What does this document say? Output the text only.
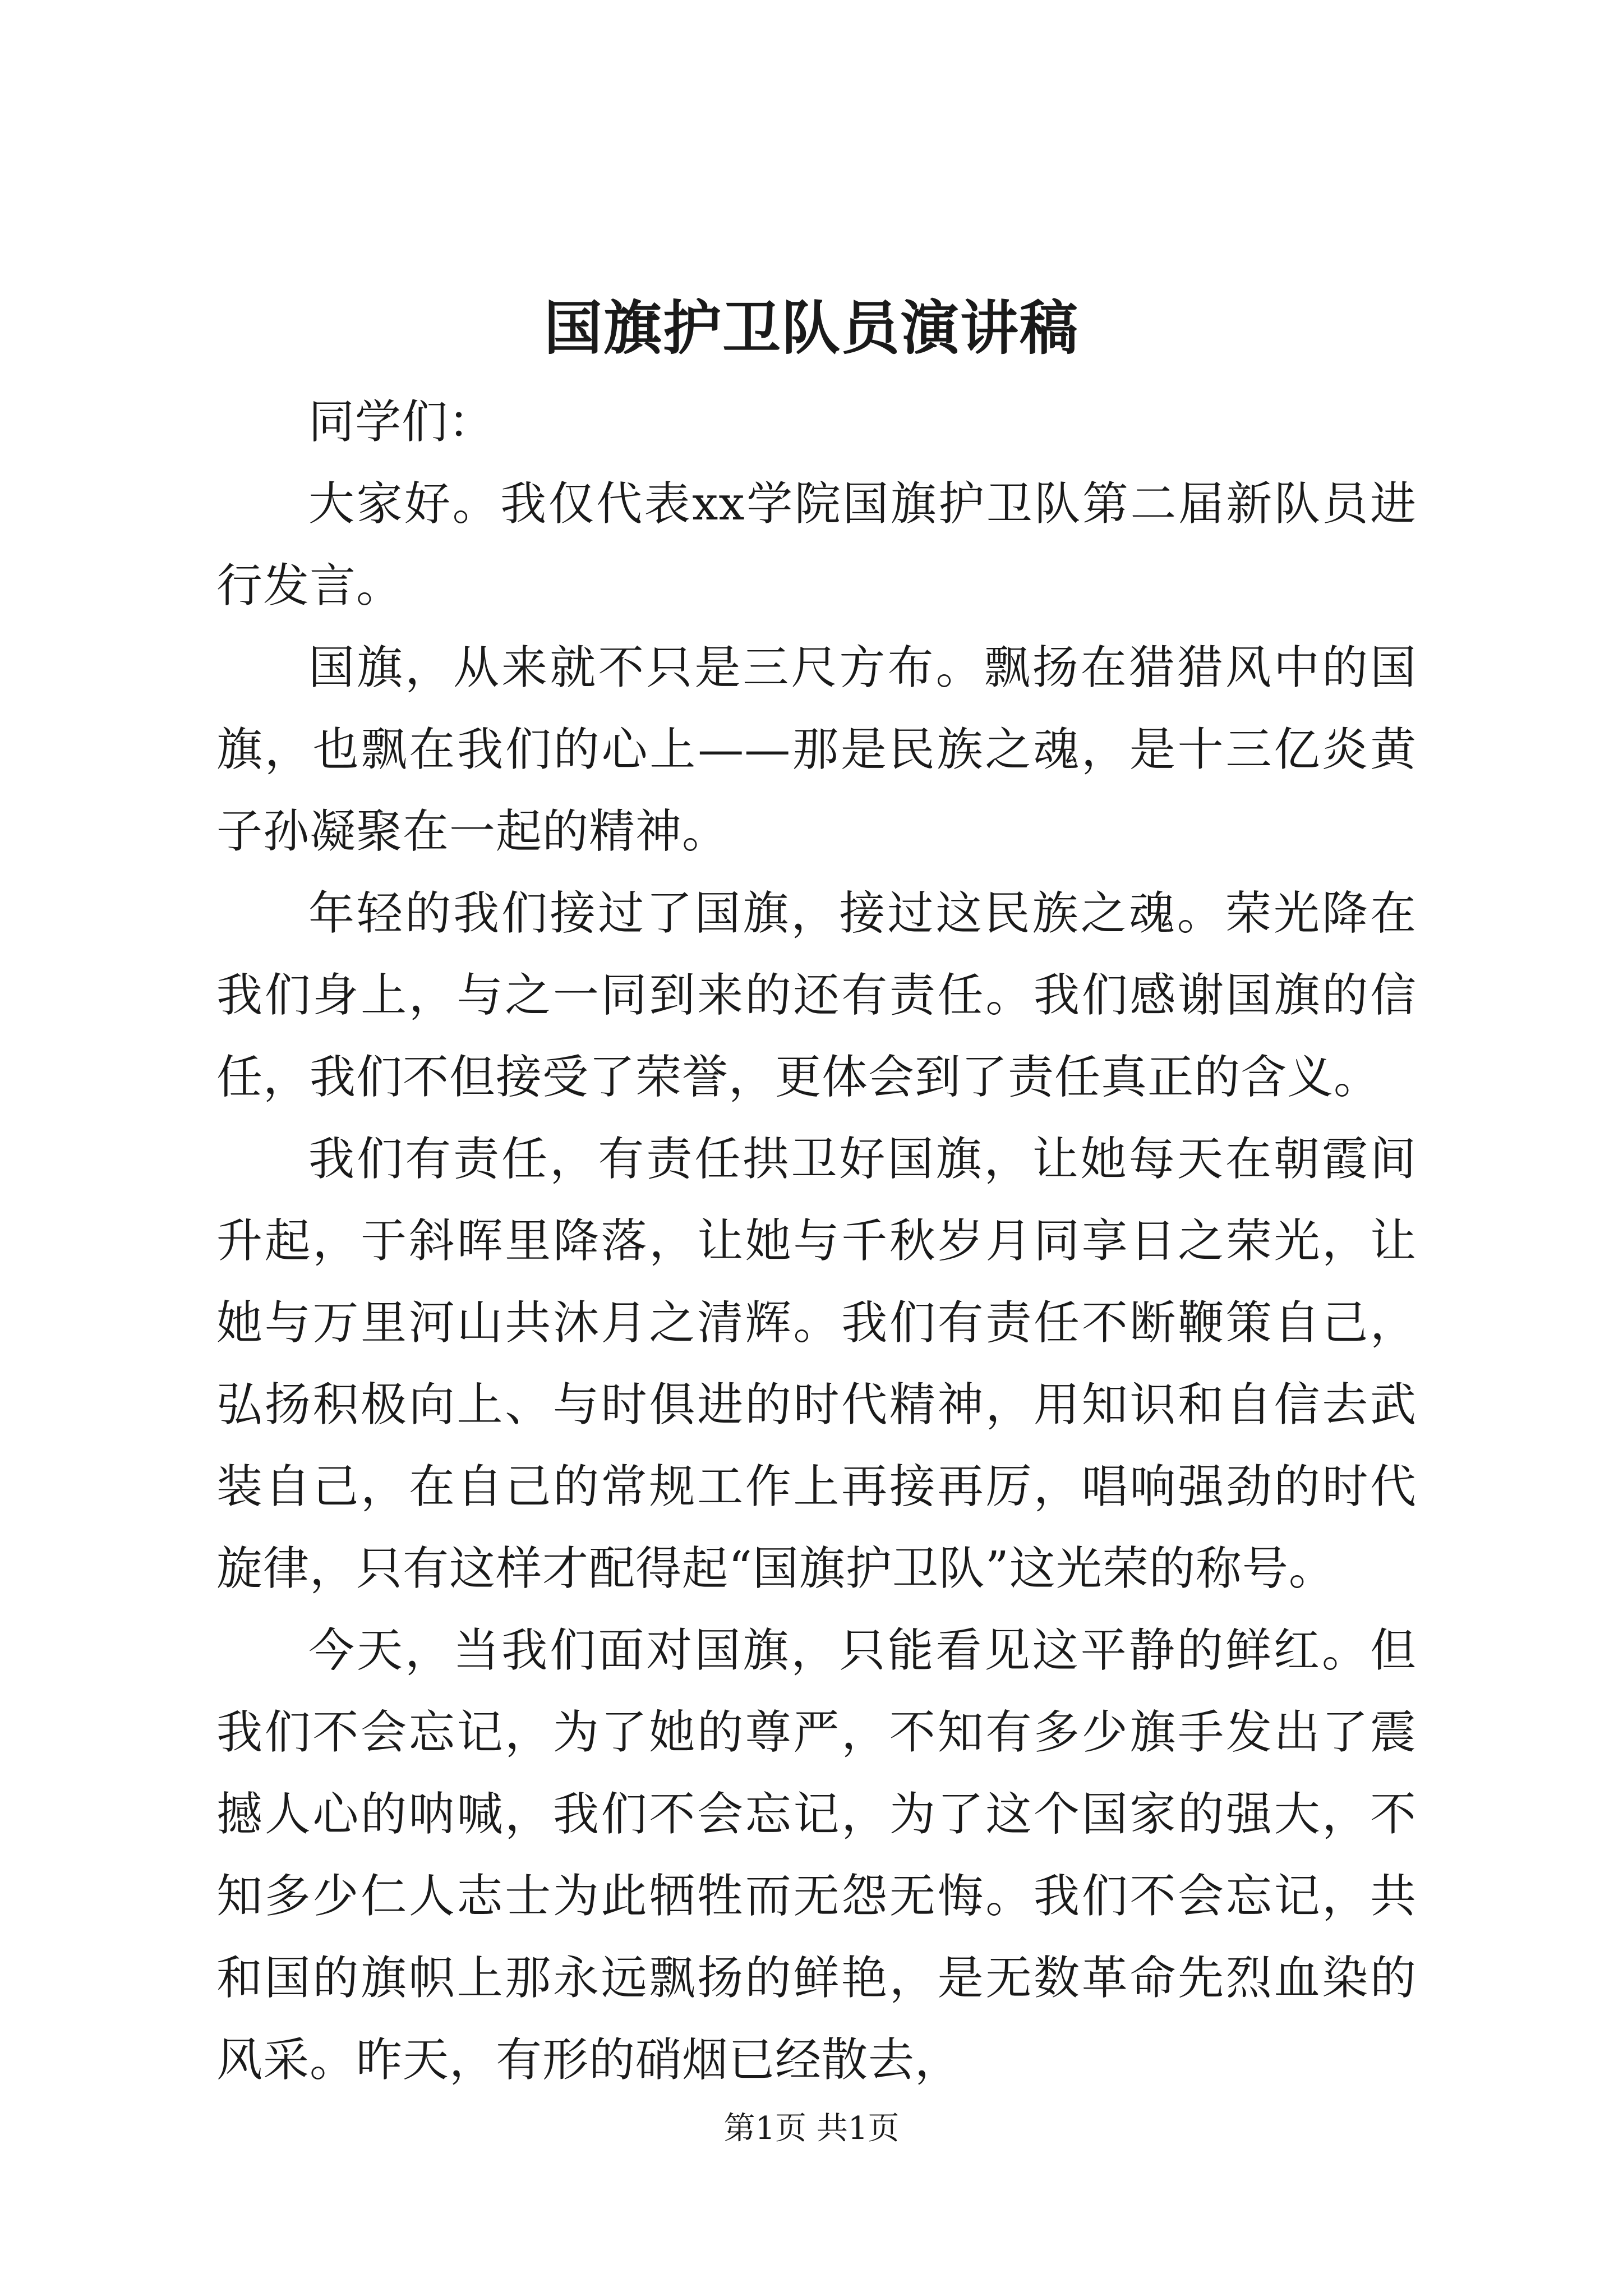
国旗护卫队员演讲稿

同学们：

大家好。我仅代表xx学院国旗护卫队第二届新队员进行发言。

国旗，从来就不只是三尺方布。飘扬在猎猎风中的国旗，也飘在我们的心上——那是民族之魂，是十三亿炎黄子孙凝聚在一起的精神。

年轻的我们接过了国旗，接过这民族之魂。荣光降在我们身上，与之一同到来的还有责任。我们感谢国旗的信任，我们不但接受了荣誉，更体会到了责任真正的含义。

我们有责任，有责任拱卫好国旗，让她每天在朝霞间升起，于斜晖里降落，让她与千秋岁月同享日之荣光，让她与万里河山共沐月之清辉。我们有责任不断鞭策自己，弘扬积极向上、与时俱进的时代精神，用知识和自信去武装自己，在自己的常规工作上再接再厉，唱响强劲的时代旋律，只有这样才配得起“国旗护卫队”这光荣的称号。

今天，当我们面对国旗，只能看见这平静的鲜红。但我们不会忘记，为了她的尊严，不知有多少旗手发出了震撼人心的呐喊，我们不会忘记，为了这个国家的强大，不知多少仁人志士为此牺牲而无怨无悔。我们不会忘记，共和国的旗帜上那永远飘扬的鲜艳，是无数革命先烈血染的风采。昨天，有形的硝烟已经散去，

第1页 共1页
